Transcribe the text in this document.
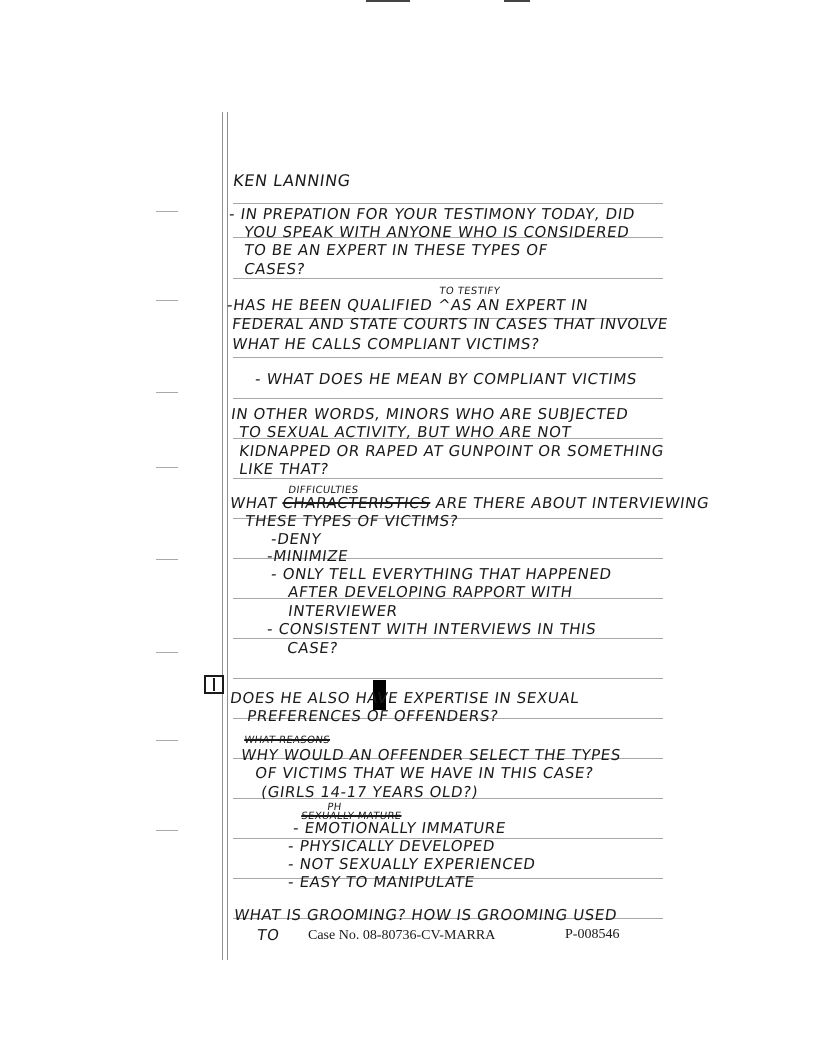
KEN LANNING
- IN PREPATION FOR YOUR TESTIMONY TODAY, DID
YOU SPEAK WITH ANYONE WHO IS CONSIDERED
TO BE AN EXPERT IN THESE TYPES OF
CASES?
TO TESTIFY
-HAS HE BEEN QUALIFIED ^AS AN EXPERT IN
FEDERAL AND STATE COURTS IN CASES THAT INVOLVE
WHAT HE CALLS COMPLIANT VICTIMS?
- WHAT DOES HE MEAN BY COMPLIANT VICTIMS
IN OTHER WORDS, MINORS WHO ARE SUBJECTED
TO SEXUAL ACTIVITY, BUT WHO ARE NOT
KIDNAPPED OR RAPED AT GUNPOINT OR SOMETHING
LIKE THAT?
DIFFICULTIES
WHAT CHARACTERISTICS ARE THERE ABOUT INTERVIEWING
THESE TYPES OF VICTIMS?
-DENY
-MINIMIZE
- ONLY TELL EVERYTHING THAT HAPPENED
AFTER DEVELOPING RAPPORT WITH
INTERVIEWER
- CONSISTENT WITH INTERVIEWS IN THIS
CASE?
DOES HE ALSO HAVE EXPERTISE IN SEXUAL
PREFERENCES OF OFFENDERS?
WHAT REASONS
WHY WOULD AN OFFENDER SELECT THE TYPES
OF VICTIMS THAT WE HAVE IN THIS CASE?
(GIRLS 14-17 YEARS OLD?)
PH
SEXUALLY MATURE
- EMOTIONALLY IMMATURE
- PHYSICALLY DEVELOPED
- NOT SEXUALLY EXPERIENCED
- EASY TO MANIPULATE
WHAT IS GROOMING? HOW IS GROOMING USED
TO Case No. 08-80736-CV-MARRA	P-008546
